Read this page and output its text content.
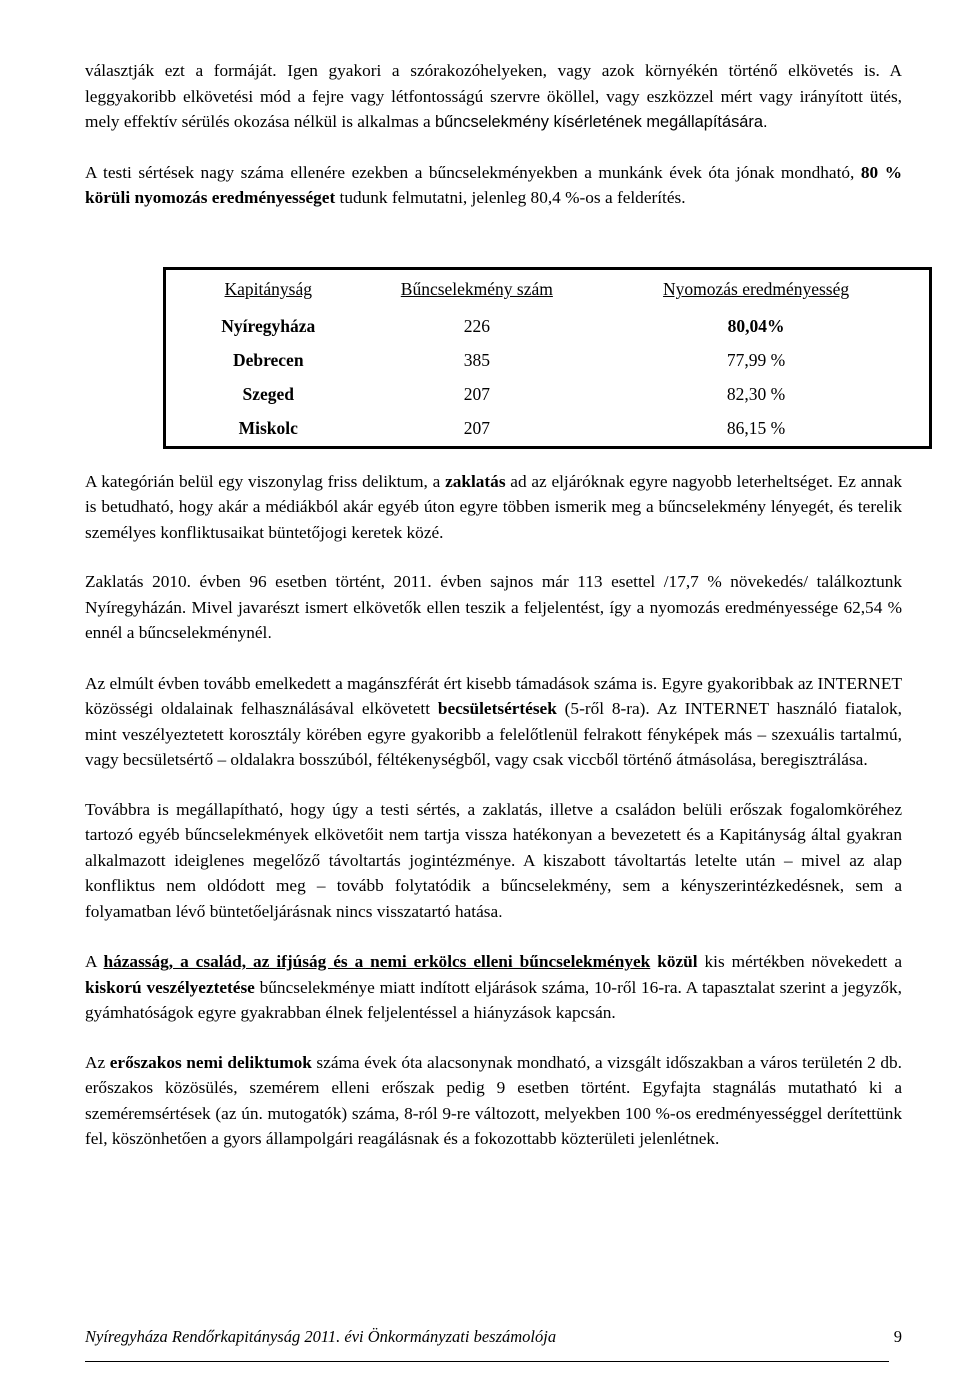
választják ezt a formáját. Igen gyakori a szórakozóhelyeken, vagy azok környékén történő elkövetés is. A leggyakoribb elkövetési mód a fejre vagy létfontosságú szervre ököllel, vagy eszközzel mért vagy irányított ütés, mely effektív sérülés okozása nélkül is alkalmas a bűncselekmény kísérletének megállapítására.

A testi sértések nagy száma ellenére ezekben a bűncselekményekben a munkánk évek óta jónak mondható, 80 % körüli nyomozás eredményességet tudunk felmutatni, jelenleg 80,4 %-os a felderítés.

Kapitányság	Bűncselekmény szám	Nyomozás eredményesség
Nyíregyháza	226	80,04%
Debrecen	385	77,99 %
Szeged	207	82,30 %
Miskolc	207	86,15 %

A kategórián belül egy viszonylag friss deliktum, a zaklatás ad az eljáróknak egyre nagyobb leterheltséget. Ez annak is betudható, hogy akár a médiákból akár egyéb úton egyre többen ismerik meg a bűncselekmény lényegét, és terelik személyes konfliktusaikat büntetőjogi keretek közé.

Zaklatás 2010. évben 96 esetben történt, 2011. évben sajnos már 113 esettel /17,7 % növekedés/ találkoztunk Nyíregyházán. Mivel javarészt ismert elkövetők ellen teszik a feljelentést, így a nyomozás eredményessége 62,54 % ennél a bűncselekménynél.

Az elmúlt évben tovább emelkedett a magánszférát ért kisebb támadások száma is. Egyre gyakoribbak az INTERNET közösségi oldalainak felhasználásával elkövetett becsületsértések (5-ről 8-ra). Az INTERNET használó fiatalok, mint veszélyeztetett korosztály körében egyre gyakoribb a felelőtlenül felrakott fényképek más – szexuális tartalmú, vagy becsületsértő – oldalakra bosszúból, féltékenységből, vagy csak viccből történő átmásolása, beregisztrálása.

Továbbra is megállapítható, hogy úgy a testi sértés, a zaklatás, illetve a családon belüli erőszak fogalomköréhez tartozó egyéb bűncselekmények elkövetőit nem tartja vissza hatékonyan a bevezetett és a Kapitányság által gyakran alkalmazott ideiglenes megelőző távoltartás jogintézménye. A kiszabott távoltartás letelte után – mivel az alap konfliktus nem oldódott meg – tovább folytatódik a bűncselekmény, sem a kényszerintézkedésnek, sem a folyamatban lévő büntetőeljárásnak nincs visszatartó hatása.

A házasság, a család, az ifjúság és a nemi erkölcs elleni bűncselekmények közül kis mértékben növekedett a kiskorú veszélyeztetése bűncselekménye miatt indított eljárások száma, 10-ről 16-ra. A tapasztalat szerint a jegyzők, gyámhatóságok egyre gyakrabban élnek feljelentéssel a hiányzások kapcsán.

Az erőszakos nemi deliktumok száma évek óta alacsonynak mondható, a vizsgált időszakban a város területén 2 db. erőszakos közösülés, szemérem elleni erőszak pedig 9 esetben történt. Egyfajta stagnálás mutatható ki a szeméremsértések (az ún. mutogatók) száma, 8-ról 9-re változott, melyekben 100 %-os eredményességgel derítettünk fel, köszönhetően a gyors állampolgári reagálásnak és a fokozottabb közterületi jelenlétnek.

Nyíregyháza Rendőrkapitányság 2011. évi Önkormányzati beszámolója	9
